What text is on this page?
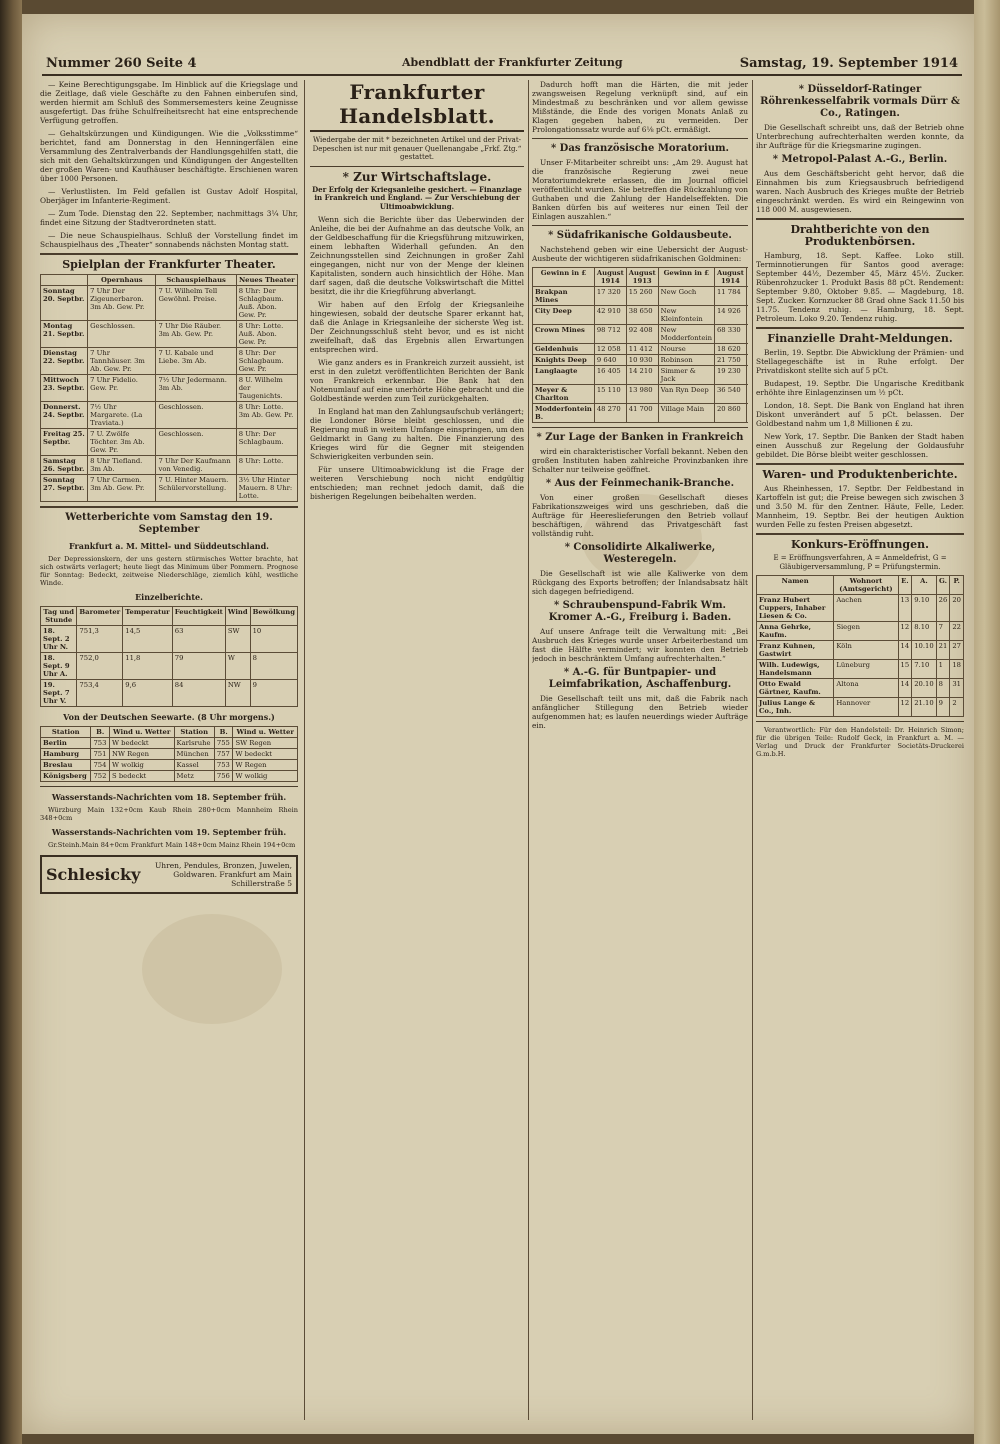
Nummer 260 Seite 4	Abendblatt der Frankfurter Zeitung	Samstag, 19. September 1914

— Keine Berechtigungsgabe. Im Hinblick auf die Kriegslage und die Zeitlage, daß viele Geschäfte zu den Fahnen einberufen sind, werden hiermit am Schluß des Sommersemesters keine Zeugnisse ausgefertigt. Das frühe Schulfreiheitsrecht hat eine entsprechende Verfügung getroffen.

— Gehaltskürzungen und Kündigungen. Wie die „Volksstimme“ berichtet, fand am Donnerstag in den Henningerfälen eine Versammlung des Zentralverbands der Handlungsgehilfen statt, die sich mit den Gehaltskürzungen und Kündigungen der Angestellten der großen Waren- und Kaufhäuser beschäftigte. Erschienen waren über 1000 Personen.

— Verlustlisten. Im Feld gefallen ist Gustav Adolf Hospital, Oberjäger im Infanterie-Regiment.

— Zum Tode. Dienstag den 22. September, nachmittags 3¼ Uhr, findet eine Sitzung der Stadtverordneten statt.

— Die neue Schauspielhaus. Schluß der Vorstellung findet im Schauspielhaus des „Theater“ sonnabends nächsten Montag statt.

Spielplan der Frankfurter Theater.
	Opernhaus	Schauspielhaus	Neues Theater
Sonntag 20. Septbr.	7 Uhr Der Zigeunerbaron. 3m Ab. Gew. Pr.	7 U. Wilhelm Tell Gewöhnl. Preise.	8 Uhr: Der Schlagbaum. Auß. Abon. Gew. Pr.
Montag 21. Septbr.	Geschlossen.	7 Uhr Die Räuber. 3m Ab. Gew. Pr.	8 Uhr: Lotte. Auß. Abon. Gew. Pr.
Dienstag 22. Septbr.	7 Uhr Tannhäuser. 3m Ab. Gew. Pr.	7 U. Kabale und Liebe. 3m Ab.	8 Uhr: Der Schlagbaum. Gew. Pr.
Mittwoch 23. Septbr.	7 Uhr Fidelio. Gew. Pr.	7½ Uhr Jedermann. 3m Ab.	8 U. Wilhelm der Taugenichts.
Donnerst. 24. Septbr.	7½ Uhr Margarete. (La Traviata.)	Geschlossen.	8 Uhr: Lotte. 3m Ab. Gew. Pr.
Freitag 25. Septbr.	7 U. Zwölfe Töchter. 3m Ab. Gew. Pr.	Geschlossen.	8 Uhr: Der Schlagbaum.
Samstag 26. Septbr.	8 Uhr Tiefland. 3m Ab.	7 Uhr Der Kaufmann von Venedig.	8 Uhr: Lotte.
Sonntag 27. Septbr.	7 Uhr Carmen. 3m Ab. Gew. Pr.	7 U. Hinter Mauern. Schülervorstellung.	3½ Uhr Hinter Mauern. 8 Uhr: Lotte.
Wetterberichte vom Samstag den 19. September
Frankfurt a. M. Mittel- und Süddeutschland.

Der Depressionskern, der uns gestern stürmisches Wetter brachte, hat sich ostwärts verlagert; heute liegt das Minimum über Pommern. Prognose für Sonntag: Bedeckt, zeitweise Niederschläge, ziemlich kühl, westliche Winde.

Einzelberichte.
Tag und Stunde	Barometer	Temperatur	Feuchtigkeit	Wind	Bewölkung
18. Sept. 2 Uhr N.	751,3	14,5	63	SW	10
18. Sept. 9 Uhr A.	752,0	11,8	79	W	8
19. Sept. 7 Uhr V.	753,4	9,6	84	NW	9
Von der Deutschen Seewarte. (8 Uhr morgens.)
Station	B.	Wind u. Wetter	Station	B.	Wind u. Wetter
Berlin	753	W bedeckt	Karlsruhe	755	SW Regen
Hamburg	751	NW Regen	München	757	W bedeckt
Breslau	754	W wolkig	Kassel	753	W Regen
Königsberg	752	S bedeckt	Metz	756	W wolkig
Wasserstands-Nachrichten vom 18. September früh.

Würzburg Main 132+0cm Kaub Rhein 280+0cm Mannheim Rhein 348+0cm

Wasserstands-Nachrichten vom 19. September früh.

Gr.Steinh.Main 84+0cm Frankfurt Main 148+0cm Mainz Rhein 194+0cm

Schlesicky	Uhren, Pendules, Bronzen, Juwelen, Goldwaren. Frankfurt am Main Schillerstraße 5
Frankfurter Handelsblatt.
Wiedergabe der mit * bezeichneten Artikel und der Privat-Depeschen ist nur mit genauer Quellenangabe „Frkf. Ztg.“ gestattet.
* Zur Wirtschaftslage.
Der Erfolg der Kriegsanleihe gesichert. — Finanzlage in Frankreich und England. — Zur Verschiebung der Ultimoabwicklung.

Wenn sich die Berichte über das Ueberwinden der Anleihe, die bei der Aufnahme an das deutsche Volk, an der Geldbeschaffung für die Kriegsführung mitzuwirken, einem lebhaften Widerhall gefunden. An den Zeichnungsstellen sind Zeichnungen in großer Zahl eingegangen, nicht nur von der Menge der kleinen Kapitalisten, sondern auch hinsichtlich der Höhe. Man darf sagen, daß die deutsche Volkswirtschaft die Mittel besitzt, die ihr die Kriegführung abverlangt.

Wir haben auf den Erfolg der Kriegsanleihe hingewiesen, sobald der deutsche Sparer erkannt hat, daß die Anlage in Kriegsanleihe der sicherste Weg ist. Der Zeichnungsschluß steht bevor, und es ist nicht zweifelhaft, daß das Ergebnis allen Erwartungen entsprechen wird.

Wie ganz anders es in Frankreich zurzeit aussieht, ist erst in den zuletzt veröffentlichten Berichten der Bank von Frankreich erkennbar. Die Bank hat den Notenumlauf auf eine unerhörte Höhe gebracht und die Goldbestände werden zum Teil zurückgehalten.

In England hat man den Zahlungsaufschub verlängert; die Londoner Börse bleibt geschlossen, und die Regierung muß in weitem Umfange einspringen, um den Geldmarkt in Gang zu halten. Die Finanzierung des Krieges wird für die Gegner mit steigenden Schwierigkeiten verbunden sein.

Für unsere Ultimoabwicklung ist die Frage der weiteren Verschiebung noch nicht endgültig entschieden; man rechnet jedoch damit, daß die bisherigen Regelungen beibehalten werden.

Dadurch hofft man die Härten, die mit jeder zwangsweisen Regelung verknüpft sind, auf ein Mindestmaß zu beschränken und vor allem gewisse Mißstände, die Ende des vorigen Monats Anlaß zu Klagen gegeben haben, zu vermeiden. Der Prolongationssatz wurde auf 6⅛ pCt. ermäßigt.

* Das französische Moratorium.

Unser F-Mitarbeiter schreibt uns: „Am 29. August hat die französische Regierung zwei neue Moratoriumdekrete erlassen, die im Journal officiel veröffentlicht wurden. Sie betreffen die Rückzahlung von Guthaben und die Zahlung der Handelseffekten. Die Banken dürfen bis auf weiteres nur einen Teil der Einlagen auszahlen.“

* Südafrikanische Goldausbeute.

Nachstehend geben wir eine Uebersicht der August-Ausbeute der wichtigeren südafrikanischen Goldminen:

Gewinn in £	August 1914	August 1913	Gewinn in £	August 1914	
Brakpan Mines	17 320	15 260	New Goch	11 784	
City Deep	42 910	38 650	New Kleinfontein	14 926	
Crown Mines	98 712	92 408	New Modderfontein	68 330	
Geldenhuis	12 058	11 412	Nourse	18 620	
Knights Deep	9 640	10 930	Robinson	21 750	
Langlaagte	16 405	14 210	Simmer & Jack	19 230	
Meyer & Charlton	15 110	13 980	Van Ryn Deep	36 540	
Modderfontein B.	48 270	41 700	Village Main	20 860	
* Zur Lage der Banken in Frankreich

wird ein charakteristischer Vorfall bekannt. Neben den großen Instituten haben zahlreiche Provinzbanken ihre Schalter nur teilweise geöffnet.

* Aus der Feinmechanik-Branche.

Von einer großen Gesellschaft dieses Fabrikationszweiges wird uns geschrieben, daß die Aufträge für Heereslieferungen den Betrieb vollauf beschäftigen, während das Privatgeschäft fast vollständig ruht.

* Consolidirte Alkaliwerke, Westeregeln.

Die Gesellschaft ist wie alle Kaliwerke von dem Rückgang des Exports betroffen; der Inlandsabsatz hält sich dagegen befriedigend.

* Schraubenspund-Fabrik Wm. Kromer A.-G., Freiburg i. Baden.

Auf unsere Anfrage teilt die Verwaltung mit: „Bei Ausbruch des Krieges wurde unser Arbeiterbestand um fast die Hälfte vermindert; wir konnten den Betrieb jedoch in beschränktem Umfang aufrechterhalten.“

* A.-G. für Buntpapier- und Leimfabrikation, Aschaffenburg.

Die Gesellschaft teilt uns mit, daß die Fabrik nach anfänglicher Stillegung den Betrieb wieder aufgenommen hat; es laufen neuerdings wieder Aufträge ein.

* Düsseldorf-Ratinger Röhrenkesselfabrik vormals Dürr & Co., Ratingen.

Die Gesellschaft schreibt uns, daß der Betrieb ohne Unterbrechung aufrechterhalten werden konnte, da ihr Aufträge für die Kriegsmarine zugingen.

* Metropol-Palast A.-G., Berlin.

Aus dem Geschäftsbericht geht hervor, daß die Einnahmen bis zum Kriegsausbruch befriedigend waren. Nach Ausbruch des Krieges mußte der Betrieb eingeschränkt werden. Es wird ein Reingewinn von 118 000 M. ausgewiesen.

Drahtberichte von den Produktenbörsen.

Hamburg, 18. Sept. Kaffee. Loko still. Terminnotierungen für Santos good average: September 44½, Dezember 45, März 45½. Zucker. Rübenrohzucker 1. Produkt Basis 88 pCt. Rendement: September 9.80, Oktober 9.85. — Magdeburg, 18. Sept. Zucker. Kornzucker 88 Grad ohne Sack 11.50 bis 11.75. Tendenz ruhig. — Hamburg, 18. Sept. Petroleum. Loko 9.20. Tendenz ruhig.

Finanzielle Draht-Meldungen.

Berlin, 19. Septbr. Die Abwicklung der Prämien- und Stellagegeschäfte ist in Ruhe erfolgt. Der Privatdiskont stellte sich auf 5 pCt.

Budapest, 19. Septbr. Die Ungarische Kreditbank erhöhte ihre Einlagenzinsen um ½ pCt.

London, 18. Sept. Die Bank von England hat ihren Diskont unverändert auf 5 pCt. belassen. Der Goldbestand nahm um 1,8 Millionen £ zu.

New York, 17. Septbr. Die Banken der Stadt haben einen Ausschuß zur Regelung der Goldausfuhr gebildet. Die Börse bleibt weiter geschlossen.

Waren- und Produktenberichte.

Aus Rheinhessen, 17. Septbr. Der Feldbestand in Kartoffeln ist gut; die Preise bewegen sich zwischen 3 und 3.50 M. für den Zentner. Häute, Felle, Leder. Mannheim, 19. Septbr. Bei der heutigen Auktion wurden Felle zu festen Preisen abgesetzt.

Konkurs-Eröffnungen.
E = Eröffnungsverfahren, A = Anmeldefrist, G = Gläubigerversammlung, P = Prüfungstermin.
Namen	Wohnort (Amtsgericht)	E.	A.	G.	P.
Franz Hubert Cuppers, Inhaber Liesen & Co.	Aachen	13	9.10	26	20
Anna Gehrke, Kaufm.	Siegen	12	8.10	7	22
Franz Kuhnen, Gastwirt	Köln	14	10.10	21	27
Wilh. Ludewigs, Handelsmann	Lüneburg	15	7.10	1	18
Otto Ewald Gärtner, Kaufm.	Altona	14	20.10	8	31
Julius Lange & Co., Inh.	Hannover	12	21.10	9	2

Verantwortlich: Für den Handelsteil: Dr. Heinrich Simon; für die übrigen Teile: Rudolf Geck, in Frankfurt a. M. — Verlag und Druck der Frankfurter Societäts-Druckerei G.m.b.H.
